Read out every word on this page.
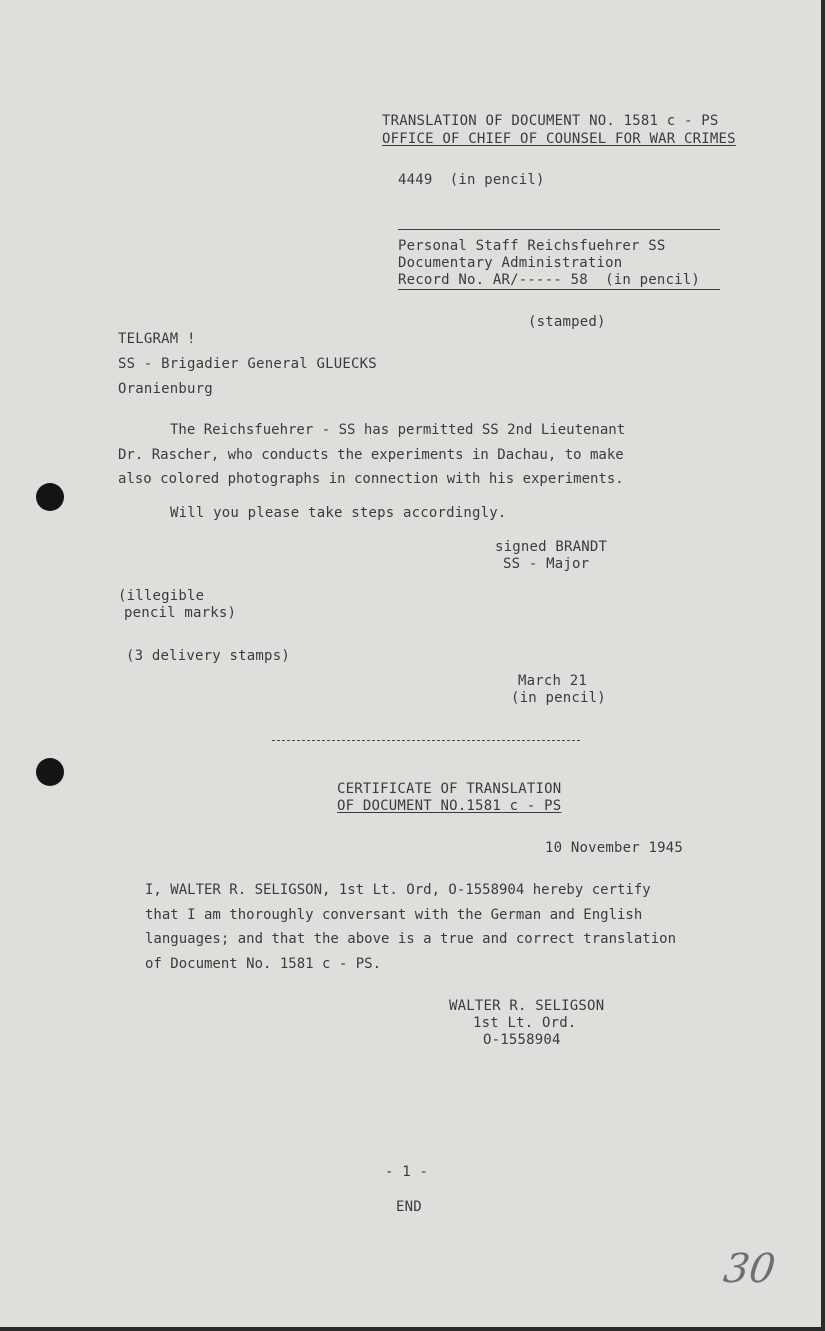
TRANSLATION OF DOCUMENT NO. 1581 c - PS
OFFICE OF CHIEF OF COUNSEL FOR WAR CRIMES
4449  (in pencil)
Personal Staff Reichsfuehrer SS
Documentary Administration
Record No. AR/----- 58  (in pencil)
(stamped)
TELGRAM !
SS - Brigadier General GLUECKS
Oranienburg
The Reichsfuehrer - SS has permitted SS 2nd Lieutenant
Dr. Rascher, who conducts the experiments in Dachau, to make
also colored photographs in connection with his experiments.
Will you please take steps accordingly.
signed BRANDT
SS - Major
(illegible
pencil marks)
(3 delivery stamps)
March 21
(in pencil)
CERTIFICATE OF TRANSLATION
OF DOCUMENT NO.1581 c - PS
10 November 1945
I, WALTER R. SELIGSON, 1st Lt. Ord, O-1558904 hereby certify
that I am thoroughly conversant with the German and English
languages; and that the above is a true and correct translation
of Document No. 1581 c - PS.
WALTER R. SELIGSON
1st Lt. Ord.
O-1558904
- 1 -
END
30
